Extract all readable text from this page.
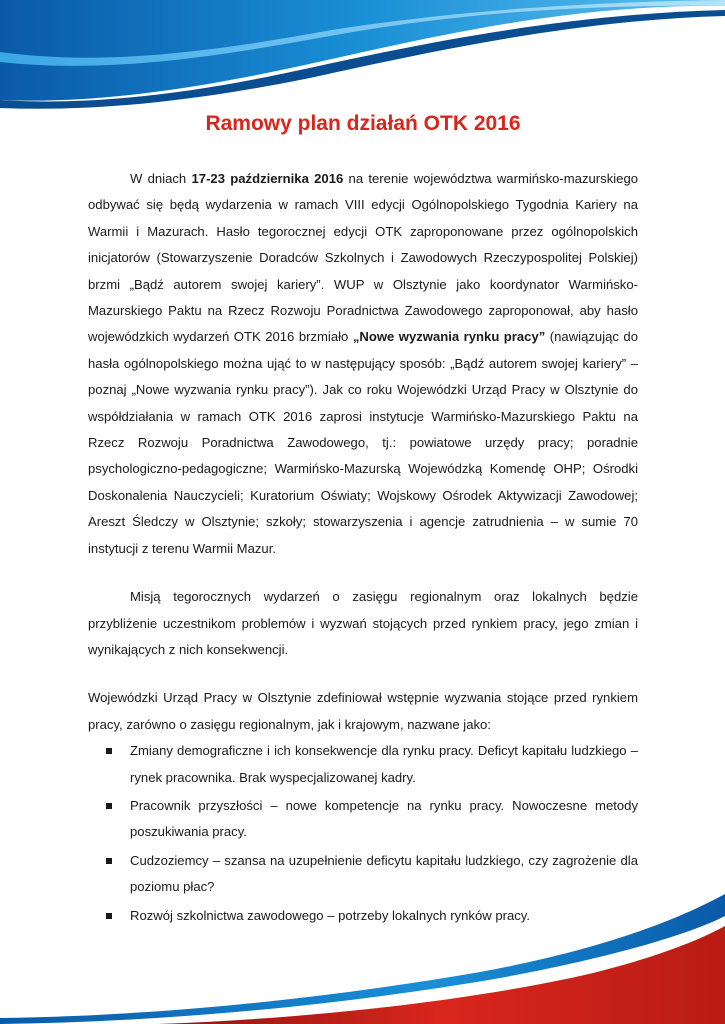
Ramowy plan działań OTK 2016

W dniach 17-23 października 2016 na terenie województwa warmińsko-mazurskiego odbywać się będą wydarzenia w ramach VIII edycji Ogólnopolskiego Tygodnia Kariery na Warmii i Mazurach. Hasło tegorocznej edycji OTK zaproponowane przez ogólnopolskich inicjatorów (Stowarzyszenie Doradców Szkolnych i Zawodowych Rzeczypospolitej Polskiej) brzmi „Bądź autorem swojej kariery”. WUP w Olsztynie jako koordynator Warmińsko-Mazurskiego Paktu na Rzecz Rozwoju Poradnictwa Zawodowego zaproponował, aby hasło wojewódzkich wydarzeń OTK 2016 brzmiało „Nowe wyzwania rynku pracy” (nawiązując do hasła ogólnopolskiego można ująć to w następujący sposób: „Bądź autorem swojej kariery” – poznaj „Nowe wyzwania rynku pracy”). Jak co roku Wojewódzki Urząd Pracy w Olsztynie do współdziałania w ramach OTK 2016 zaprosi instytucje Warmińsko-Mazurskiego Paktu na Rzecz Rozwoju Poradnictwa Zawodowego, tj.: powiatowe urzędy pracy; poradnie psychologiczno-pedagogiczne; Warmińsko-Mazurską Wojewódzką Komendę OHP; Ośrodki Doskonalenia Nauczycieli; Kuratorium Oświaty; Wojskowy Ośrodek Aktywizacji Zawodowej; Areszt Śledczy w Olsztynie; szkoły; stowarzyszenia i agencje zatrudnienia – w sumie 70 instytucji z terenu Warmii Mazur.

Misją tegorocznych wydarzeń o zasięgu regionalnym oraz lokalnych będzie przybliżenie uczestnikom problemów i wyzwań stojących przed rynkiem pracy, jego zmian i wynikających z nich konsekwencji.

Wojewódzki Urząd Pracy w Olsztynie zdefiniował wstępnie wyzwania stojące przed rynkiem pracy, zarówno o zasięgu regionalnym, jak i krajowym, nazwane jako:

Zmiany demograficzne i ich konsekwencje dla rynku pracy. Deficyt kapitału ludzkiego – rynek pracownika. Brak wyspecjalizowanej kadry.
Pracownik przyszłości – nowe kompetencje na rynku pracy. Nowoczesne metody poszukiwania pracy.
Cudzoziemcy – szansa na uzupełnienie deficytu kapitału ludzkiego, czy zagrożenie dla poziomu płac?
Rozwój szkolnictwa zawodowego – potrzeby lokalnych rynków pracy.
